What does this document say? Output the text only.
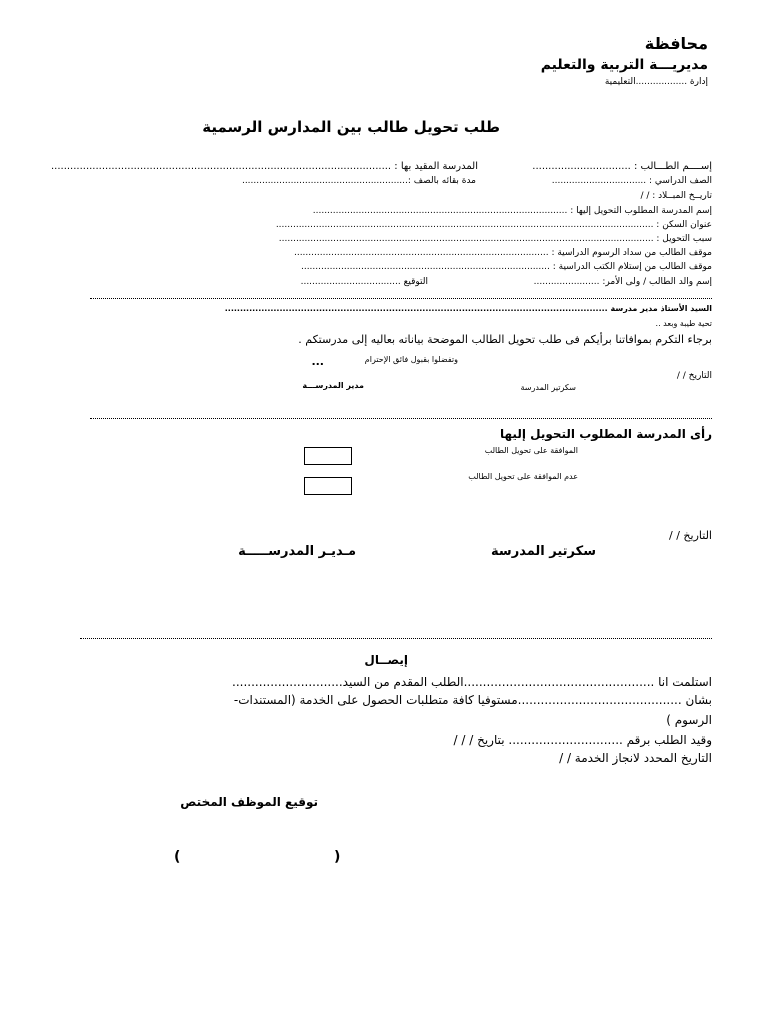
محافظة
مديريـــة التربية والتعليم
إدارة ..................التعليمية
طلب تحويل طالب بين المدارس الرسمية
إســــم الطـــالب : ...............................
المدرسة المقيد بها : ...........................................................................................................
الصف الدراسي : .................................
مدة بقائه بالصف :..........................................................
تاريــخ المبــلاد : / /
إسم المدرسة المطلوب التحويل إليها : .........................................................................................
عنوان السكن : ....................................................................................................................................
سبب التحويل : ...................................................................................................................................
موقف الطالب من سداد الرسوم الدراسية : .........................................................................................
موقف الطالب من إستلام الكتب الدراسية : .......................................................................................
إسم والد الطالب / ولى الأمر: .......................
التوقيع ...................................
السيد الأستاذ مدير مدرسة ..............................................................................................................................
تحية طيبة وبعد ..
برجاء التكرم بموافاتنا برأيكم فى طلب تحويل الطالب الموضحة بياناته بعاليه إلى مدرستكم .
وتفضلوا بقبول فائق الإحترام
...
التاريخ / /
سكرتير المدرسة
مدير المدرســـة
رأى المدرسة المطلوب التحويل إليها
الموافقة على تحويل الطالب
عدم الموافقة على تحويل الطالب
التاريخ / /
سكرتير المدرسة
مـديـر المدرســـــة
إيصــال
استلمت انا ..................................................الطلب المقدم من السيد.............................
بشان ...........................................مستوفيا كافة متطلبات الحصول على الخدمة (المستندات-
الرسوم )
وقيد الطلب برقم .............................. بتاريخ / / /
التاريخ المحدد لانجاز الخدمة / /
توقيع الموظف المختص
(
)
